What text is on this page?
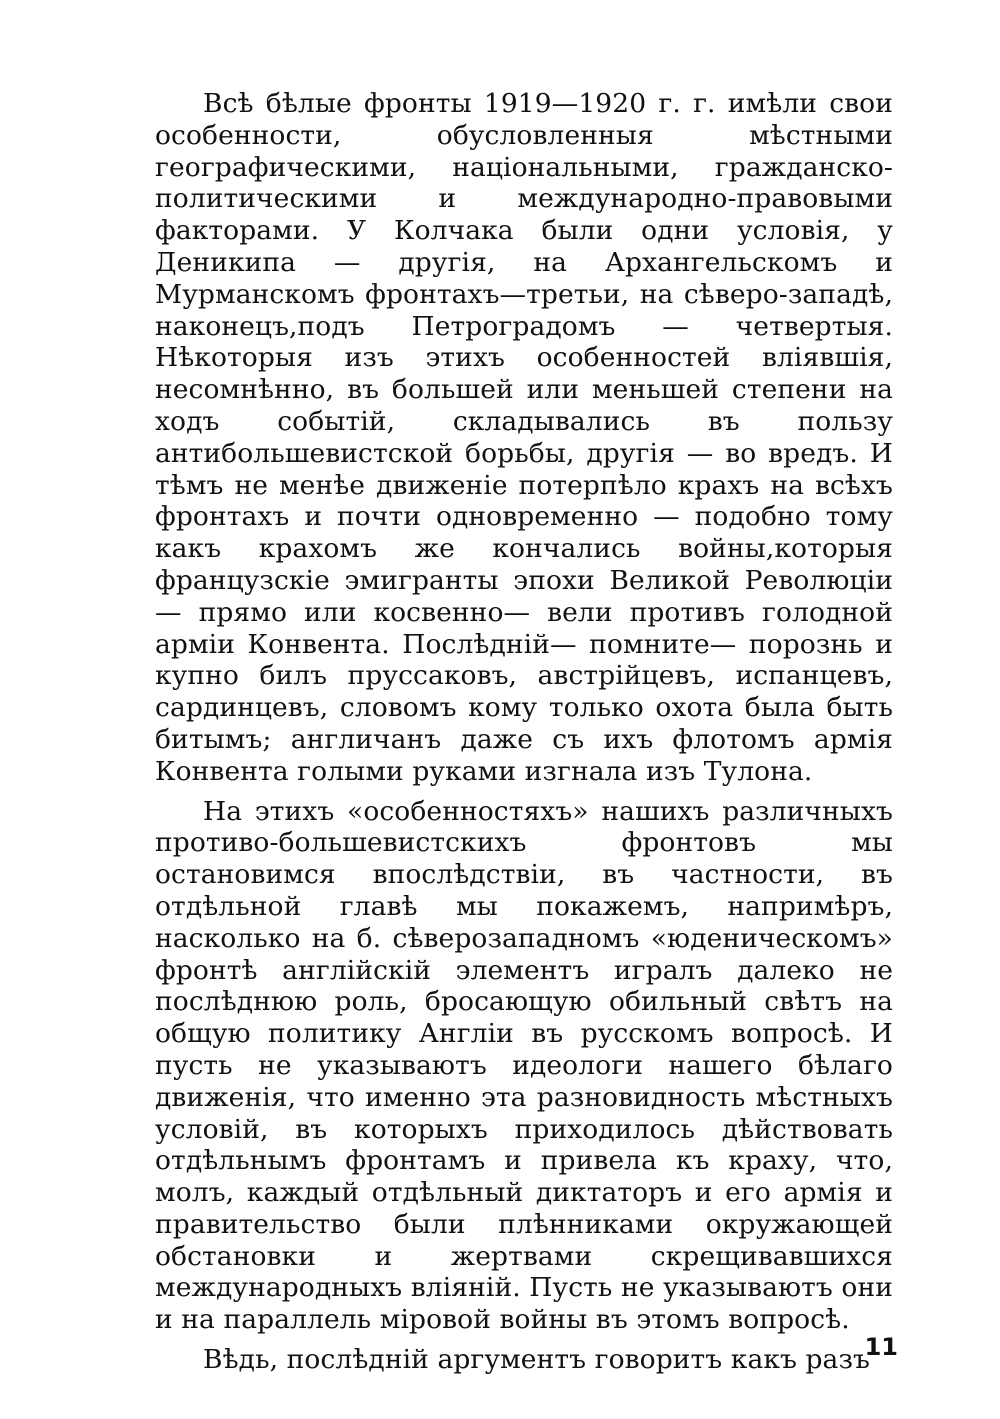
Всѣ бѣлые фронты 1919—1920 г. г. имѣли свои особенности, обусловленныя мѣстными географическими, національными, гражданско-политическими и международно-правовыми факторами. У Колчака были одни условія, у Деникипа — другія, на Архангельскомъ и Мурманскомъ фронтахъ—третьи, на сѣверо-западѣ, наконецъ,подъ Петроградомъ — четвертыя. Нѣкоторыя изъ этихъ особенностей вліявшія, несомнѣнно, въ большей или меньшей степени на ходъ событій, складывались въ пользу антибольшевистской борьбы, другія — во вредъ. И тѣмъ не менѣе движеніе потерпѣло крахъ на всѣхъ фронтахъ и почти одновременно — подобно тому какъ крахомъ же кончались войны,которыя французскіе эмигранты эпохи Великой Революціи — прямо или косвенно— вели противъ голодной арміи Конвента. Послѣдній— помните— порознь и купно билъ пруссаковъ, австрійцевъ, испанцевъ, сардинцевъ, словомъ кому только охота была быть битымъ; англичанъ даже съ ихъ флотомъ армія Конвента голыми руками изгнала изъ Тулона.

На этихъ «особенностяхъ» нашихъ различныхъ противо-большевистскихъ фронтовъ мы остановимся впослѣдствіи, въ частности, въ отдѣльной главѣ мы покажемъ, напримѣръ, насколько на б. сѣверозападномъ «юденическомъ» фронтѣ англійскій элементъ игралъ далеко не послѣднюю роль, бросающую обильный свѣтъ на общую политику Англіи въ русскомъ вопросѣ. И пусть не указываютъ идеологи нашего бѣлаго движенія, что именно эта разновидность мѣстныхъ условій, въ которыхъ приходилось дѣйствовать отдѣльнымъ фронтамъ и привела къ краху, что, молъ, каждый отдѣльный диктаторъ и его армія и правительство были плѣнниками окружающей обстановки и жертвами скрещивавшихся международныхъ вліяній. Пусть не указываютъ они и на параллель міровой войны въ этомъ вопросѣ.

Вѣдь, послѣдній аргументъ говоритъ какъ разъ

11
